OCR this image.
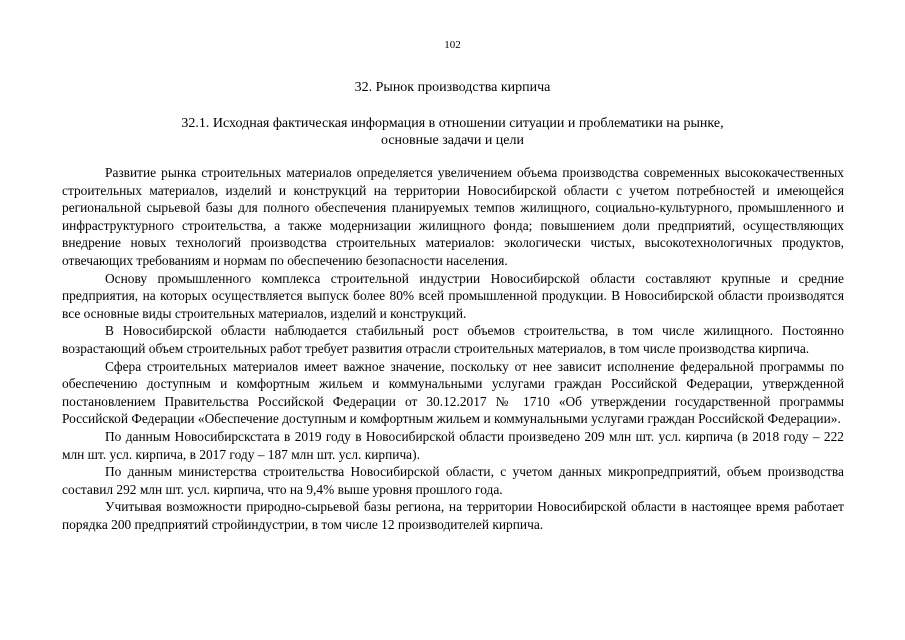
102
32. Рынок производства кирпича
32.1. Исходная фактическая информация в отношении ситуации и проблематики на рынке,
основные задачи и цели

Развитие рынка строительных материалов определяется увеличением объема производства современных высококачественных строительных материалов, изделий и конструкций на территории Новосибирской области с учетом потребностей и имеющейся региональной сырьевой базы для полного обеспечения планируемых темпов жилищного, социально-культурного, промышленного и инфраструктурного строительства, а также модернизации жилищного фонда; повышением доли предприятий, осуществляющих внедрение новых технологий производства строительных материалов: экологически чистых, высокотехнологичных продуктов, отвечающих требованиям и нормам по обеспечению безопасности населения.

Основу промышленного комплекса строительной индустрии Новосибирской области составляют крупные и средние предприятия, на которых осуществляется выпуск более 80% всей промышленной продукции. В Новосибирской области производятся все основные виды строительных материалов, изделий и конструкций.

В Новосибирской области наблюдается стабильный рост объемов строительства, в том числе жилищного. Постоянно возрастающий объем строительных работ требует развития отрасли строительных материалов, в том числе производства кирпича.

Сфера строительных материалов имеет важное значение, поскольку от нее зависит исполнение федеральной программы по обеспечению доступным и комфортным жильем и коммунальными услугами граждан Российской Федерации, утвержденной постановлением Правительства Российской Федерации от 30.12.2017 № 1710 «Об утверждении государственной программы Российской Федерации «Обеспечение доступным и комфортным жильем и коммунальными услугами граждан Российской Федерации».

По данным Новосибирскстата в 2019 году в Новосибирской области произведено 209 млн шт. усл. кирпича (в 2018 году – 222 млн шт. усл. кирпича, в 2017 году – 187 млн шт. усл. кирпича).

По данным министерства строительства Новосибирской области, с учетом данных микропредприятий, объем производства составил 292 млн шт. усл. кирпича, что на 9,4% выше уровня прошлого года.

Учитывая возможности природно-сырьевой базы региона, на территории Новосибирской области в настоящее время работает порядка 200 предприятий стройиндустрии, в том числе 12 производителей кирпича.
